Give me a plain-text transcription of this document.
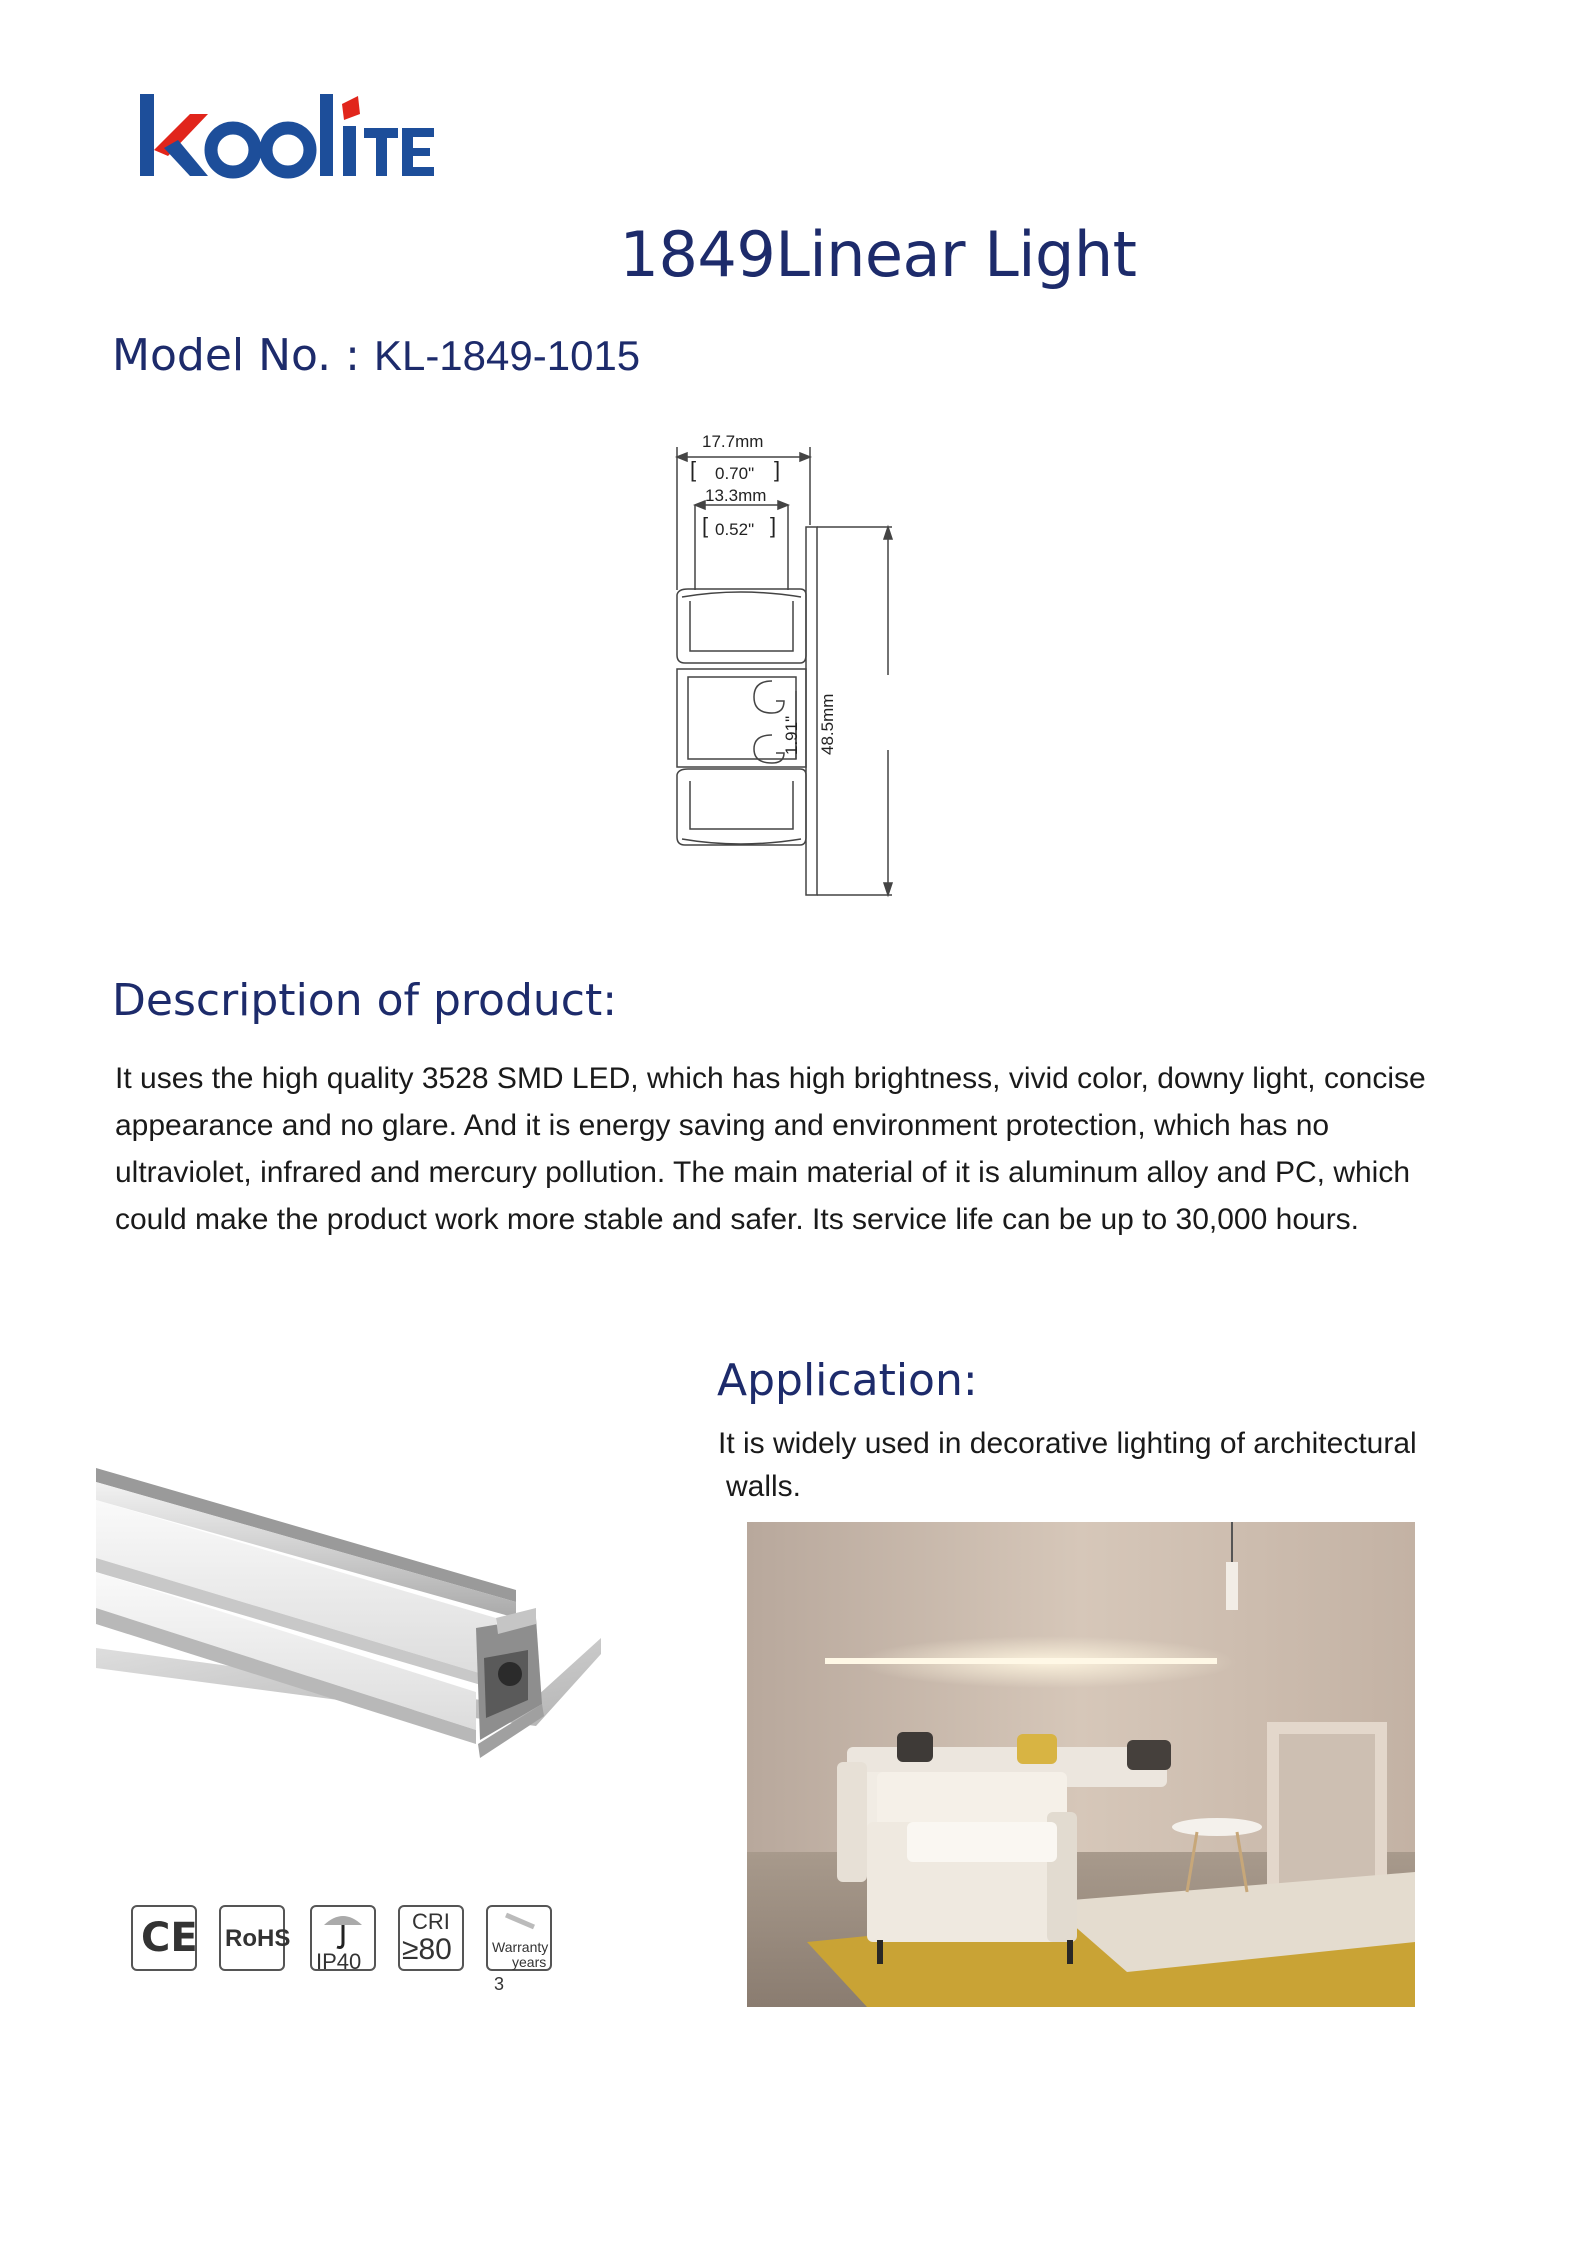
1849Linear Light
Model No. : KL-1849-1015
17.7mm
0.70"
[	]
13.3mm
0.52"
[	]
1.91" 48.5mm
Description of product:
It uses the high quality 3528 SMD LED, which has high brightness, vivid color, downy light, concise
appearance and no glare. And it is energy saving and environment protection, which has no
ultraviolet, infrared and mercury pollution. The main material of it is aluminum alloy and PC, which
could make the product work more stable and safer. Its service life can be up to 30,000 hours.
Application:
It is widely used in decorative lighting of architectural
walls.
CE RoHS
IP40
CRI
≥80	Warranty
years
3
